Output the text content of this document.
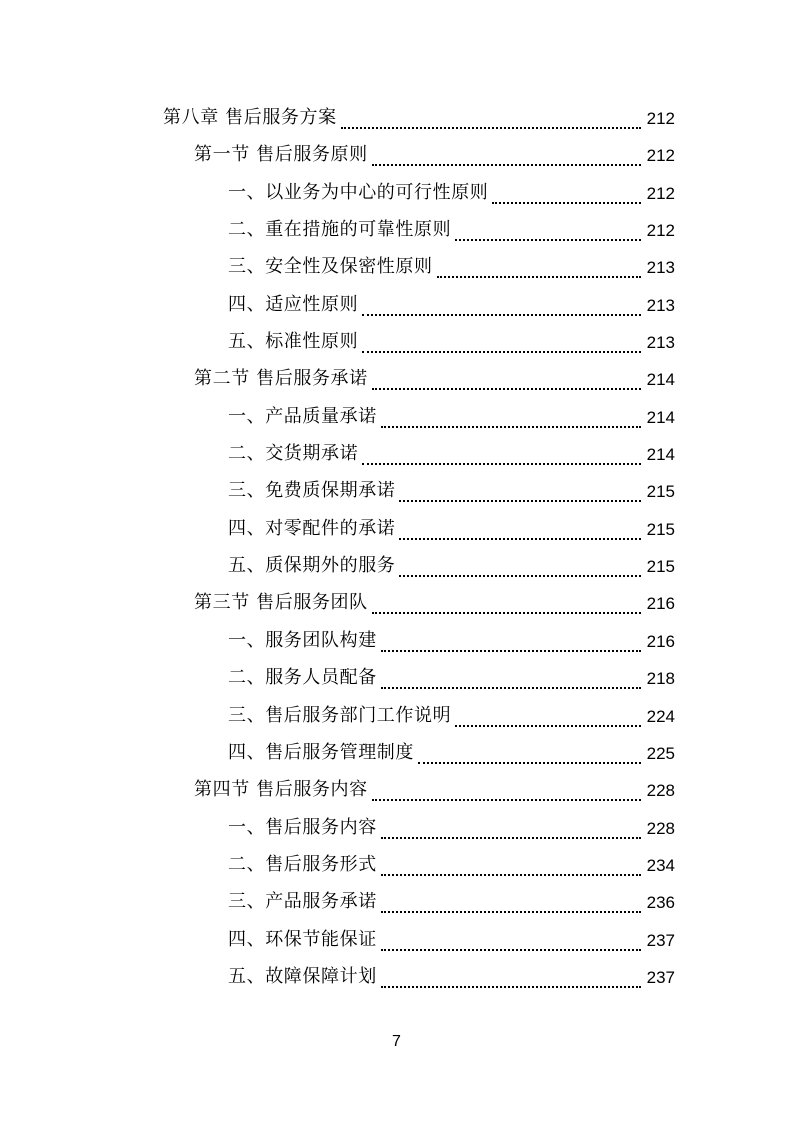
第八章 售后服务方案	212
第一节 售后服务原则	212
一、以业务为中心的可行性原则	212
二、重在措施的可靠性原则	212
三、安全性及保密性原则	213
四、适应性原则	213
五、标准性原则	213
第二节 售后服务承诺	214
一、产品质量承诺	214
二、交货期承诺	214
三、免费质保期承诺	215
四、对零配件的承诺	215
五、质保期外的服务	215
第三节 售后服务团队	216
一、服务团队构建	216
二、服务人员配备	218
三、售后服务部门工作说明	224
四、售后服务管理制度	225
第四节 售后服务内容	228
一、售后服务内容	228
二、售后服务形式	234
三、产品服务承诺	236
四、环保节能保证	237
五、故障保障计划	237
7
